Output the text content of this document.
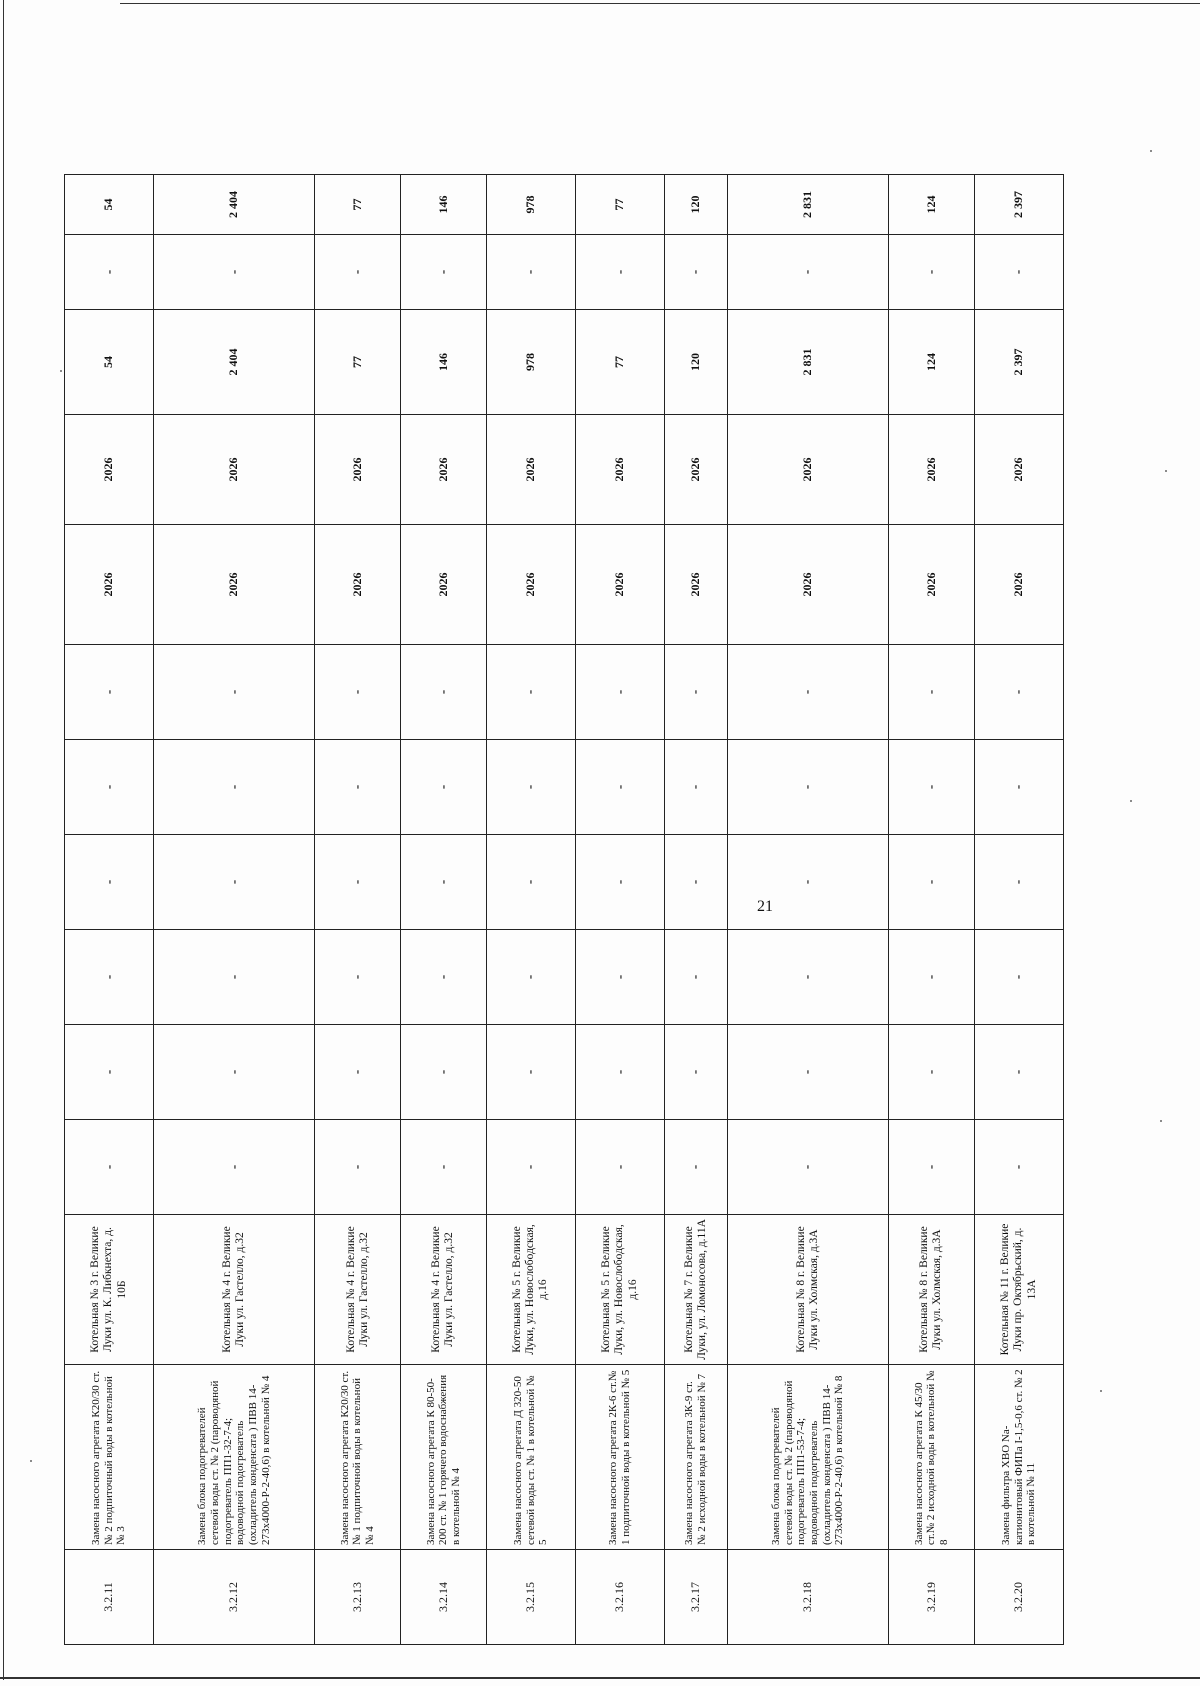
3.2.11	Замена насосного агрегата К20/30 ст. № 2 подпиточный воды в котельной № 3	Котельная № 3 г. Великие Луки ул. К. Либкнехта, д. 10Б	-	-	-	-	-	-	2026	2026	54	-	54
3.2.12	Замена блока подогревателей сетевой воды ст. № 2 (пароводяной подогреватель ПП1-32-7-4; водоводной подогреватель (охладитель конденсата ) ПВВ 14- 273х4000-Р-2-40,6) в котельной № 4	Котельная № 4 г. Великие Луки ул. Гастелло, д.32	-	-	-	-	-	-	2026	2026	2 404	-	2 404
3.2.13	Замена насосного агрегата К20/30 ст. № 1 подпиточной воды в котельной № 4	Котельная № 4 г. Великие Луки ул. Гастелло, д.32	-	-	-	-	-	-	2026	2026	77	-	77
3.2.14	Замена насосного агрегата К 80-50-200 ст. № 1 горячего водоснабжения в котельной № 4	Котельная № 4 г. Великие Луки ул. Гастелло, д.32	-	-	-	-	-	-	2026	2026	146	-	146
3.2.15	Замена насосного агрегата Д 320-50 сетевой воды ст. № 1 в котельной № 5	Котельная № 5 г. Великие Луки, ул. Новослободская, д.16	-	-	-	-	-	-	2026	2026	978	-	978
3.2.16	Замена насосного агрегата 2К-6 ст.№ 1 подпиточной воды в котельной № 5	Котельная № 5 г. Великие Луки, ул. Новослободская, д.16	-	-	-	-	-	-	2026	2026	77	-	77
3.2.17	Замена насосного агрегата 3К-9 ст. № 2 исходной воды в котельной № 7	Котельная № 7 г. Великие Луки, ул. Ломоносова, д.11А	-	-	-	-	-	-	2026	2026	120	-	120
3.2.18	Замена блока подогревателей сетевой воды ст. № 2 (пароводяной подогреватель ПП1-53-7-4; водоводной подогреватель (охладитель конденсата ) ПВВ 14- 273х4000-Р-2-40,6) в котельной № 8	Котельная № 8 г. Великие Луки ул. Холмская, д.3А	-	-	-	-	-	-	2026	2026	2 831	-	2 831
3.2.19	Замена насосного агрегата К 45/30 ст.№ 2 исходной воды в котельной № 8	Котельная № 8 г. Великие Луки ул. Холмская, д.3А	-	-	-	-	-	-	2026	2026	124	-	124
3.2.20	Замена фильтра ХВО Na-катионитовый ФИПа I-1,5-0,6 ст. № 2 в котельной № 11	Котельная № 11 г. Великие Луки пр. Октябрьский, д. 13А	-	-	-	-	-	-	2026	2026	2 397	-	2 397
21
